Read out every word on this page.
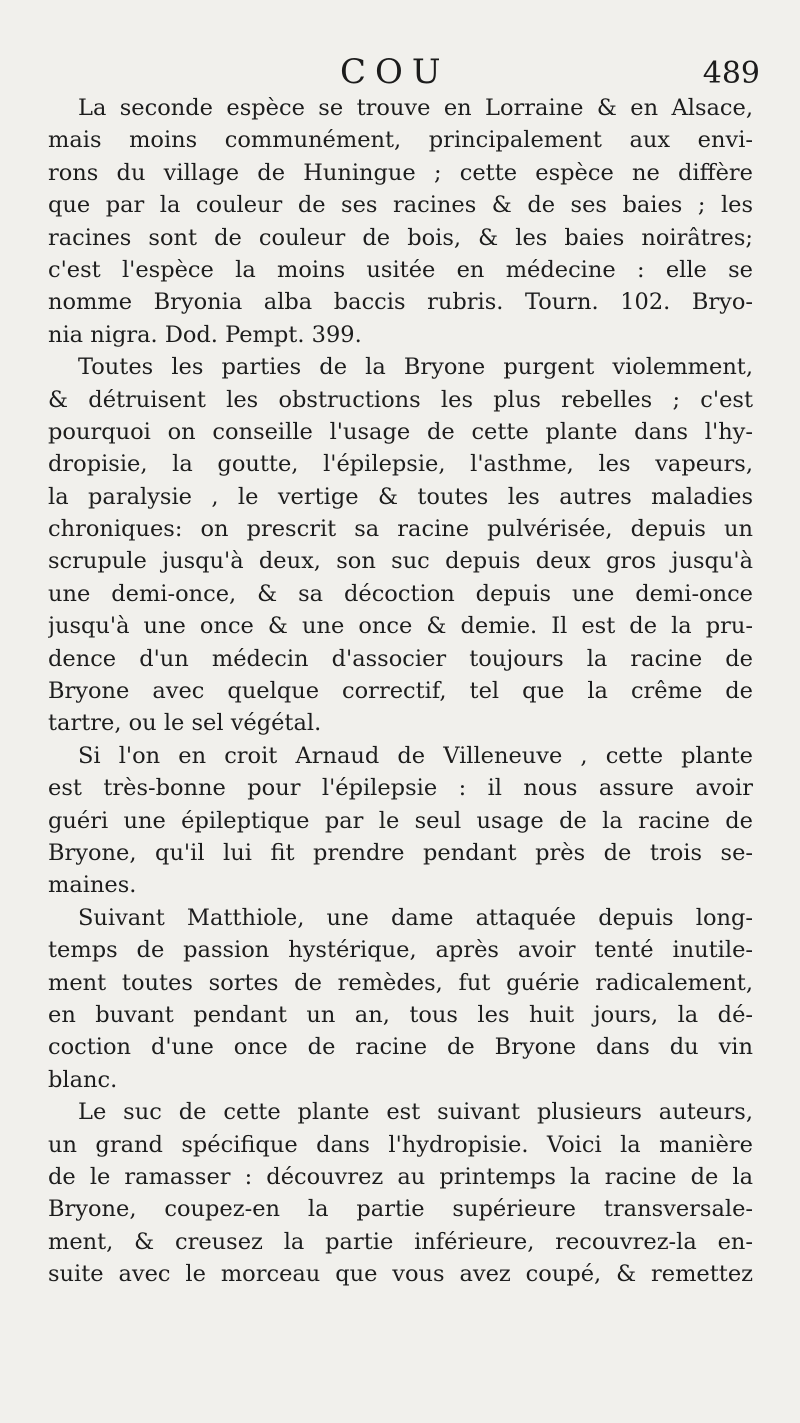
COU	489
La seconde espèce se trouve en Lorraine & en Alsace,
mais moins communément, principalement aux envi-
rons du village de Huningue ; cette espèce ne diffère
que par la couleur de ses racines & de ses baies ; les
racines sont de couleur de bois, & les baies noirâtres;
c'est l'espèce la moins usitée en médecine : elle se
nomme Bryonia alba baccis rubris. Tourn. 102. Bryo-
nia nigra. Dod. Pempt. 399.
Toutes les parties de la Bryone purgent violemment,
& détruisent les obstructions les plus rebelles ; c'est
pourquoi on conseille l'usage de cette plante dans l'hy-
dropisie, la goutte, l'épilepsie, l'asthme, les vapeurs,
la paralysie , le vertige & toutes les autres maladies
chroniques: on prescrit sa racine pulvérisée, depuis un
scrupule jusqu'à deux, son suc depuis deux gros jusqu'à
une demi-once, & sa décoction depuis une demi-once
jusqu'à une once & une once & demie. Il est de la pru-
dence d'un médecin d'associer toujours la racine de
Bryone avec quelque correctif, tel que la crême de
tartre, ou le sel végétal.
Si l'on en croit Arnaud de Villeneuve , cette plante
est très-bonne pour l'épilepsie : il nous assure avoir
guéri une épileptique par le seul usage de la racine de
Bryone, qu'il lui fit prendre pendant près de trois se-
maines.
Suivant Matthiole, une dame attaquée depuis long-
temps de passion hystérique, après avoir tenté inutile-
ment toutes sortes de remèdes, fut guérie radicalement,
en buvant pendant un an, tous les huit jours, la dé-
coction d'une once de racine de Bryone dans du vin
blanc.
Le suc de cette plante est suivant plusieurs auteurs,
un grand spécifique dans l'hydropisie. Voici la manière
de le ramasser : découvrez au printemps la racine de la
Bryone, coupez-en la partie supérieure transversale-
ment, & creusez la partie inférieure, recouvrez-la en-
suite avec le morceau que vous avez coupé, & remettez
